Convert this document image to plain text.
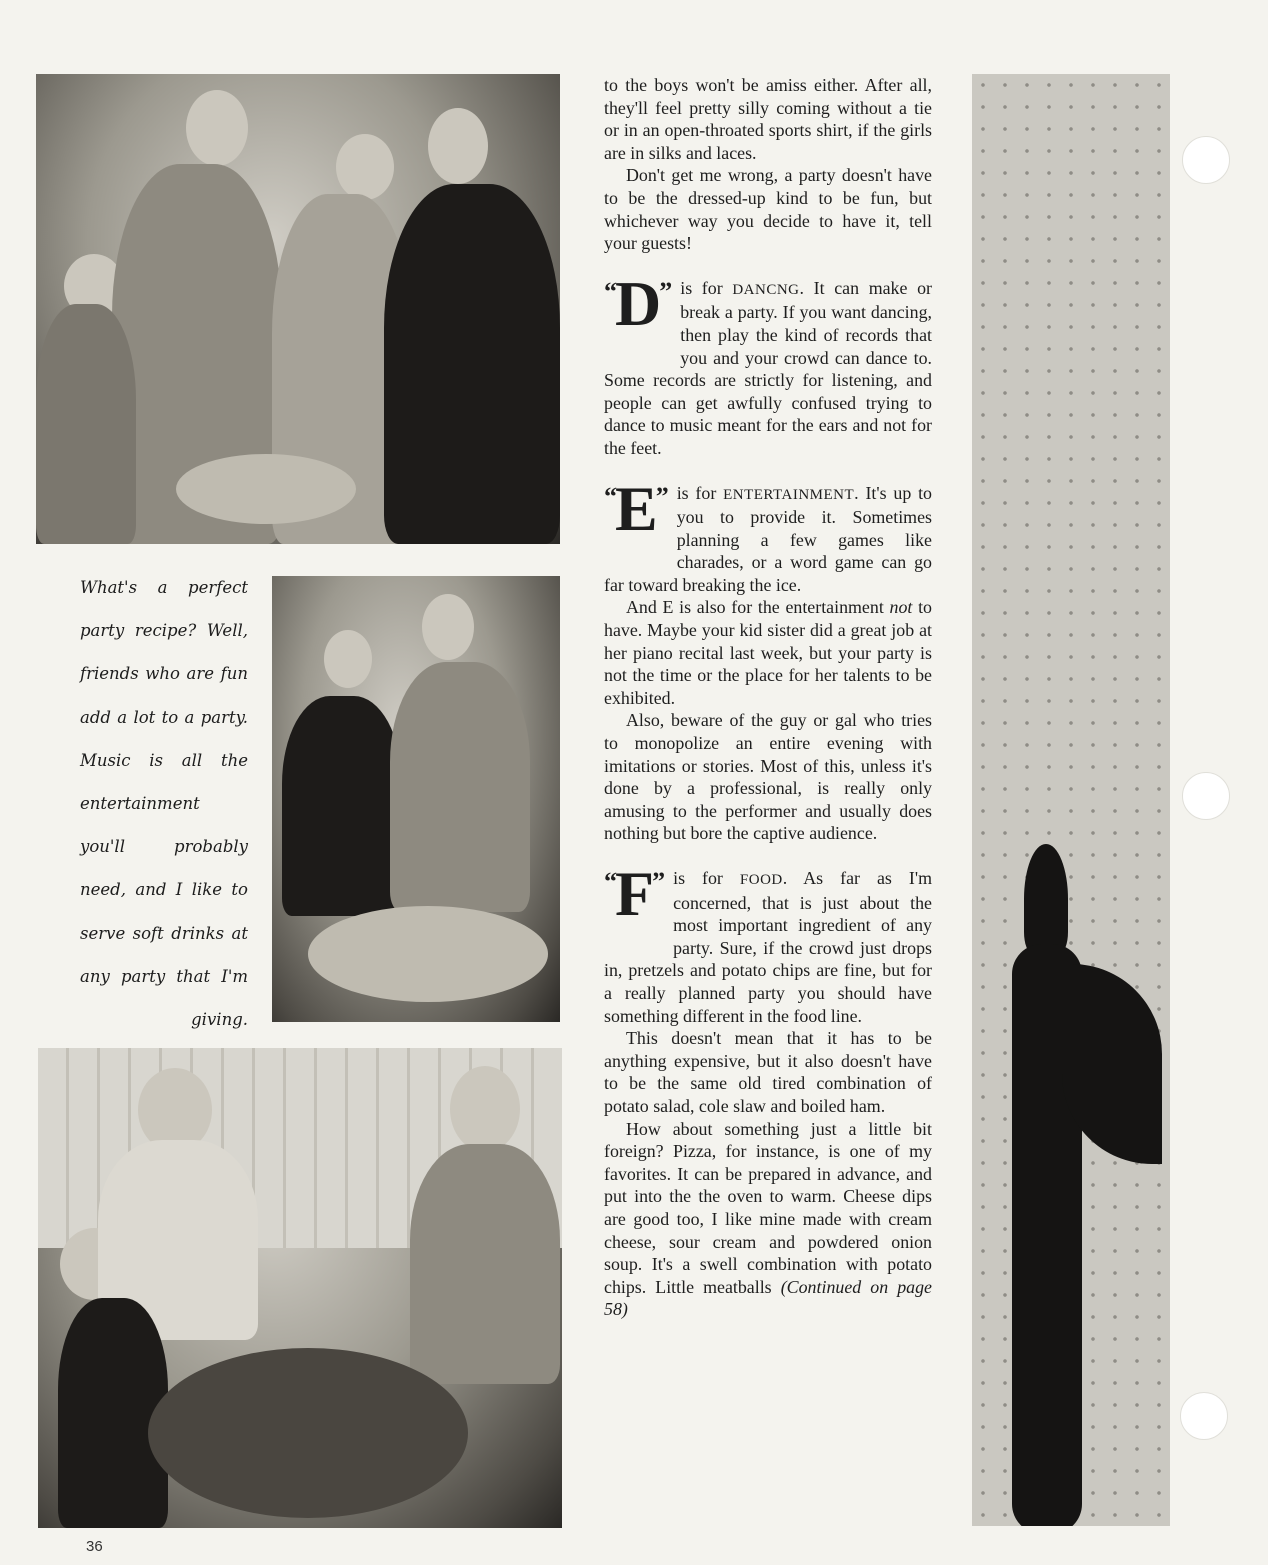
What's a perfect party recipe? Well, friends who are fun add a lot to a party. Music is all the entertainment you'll probably need, and I like to serve soft drinks at any party that I'm giving.

to the boys won't be amiss either. After all, they'll feel pretty silly coming without a tie or in an open-throated sports shirt, if the girls are in silks and laces.

Don't get me wrong, a party doesn't have to be the dressed-up kind to be fun, but whichever way you decide to have it, tell your guests!

“D” is for DANCNG. It can make or break a party. If you want dancing, then play the kind of records that you and your crowd can dance to. Some records are strictly for listening, and people can get awfully confused trying to dance to music meant for the ears and not for the feet.
“E” is for ENTERTAINMENT. It's up to you to provide it. Sometimes planning a few games like charades, or a word game can go far toward breaking the ice.

And E is also for the entertainment not to have. Maybe your kid sister did a great job at her piano recital last week, but your party is not the time or the place for her talents to be exhibited.

Also, beware of the guy or gal who tries to monopolize an entire evening with imitations or stories. Most of this, unless it's done by a professional, is really only amusing to the performer and usually does nothing but bore the captive audience.

“F” is for FOOD. As far as I'm concerned, that is just about the most important ingredient of any party. Sure, if the crowd just drops in, pretzels and potato chips are fine, but for a really planned party you should have something different in the food line.

This doesn't mean that it has to be anything expensive, but it also doesn't have to be the same old tired combination of potato salad, cole slaw and boiled ham.

How about something just a little bit foreign? Pizza, for instance, is one of my favorites. It can be prepared in advance, and put into the the oven to warm. Cheese dips are good too, I like mine made with cream cheese, sour cream and powdered onion soup. It's a swell combination with potato chips. Little meatballs (Continued on page 58)

36
